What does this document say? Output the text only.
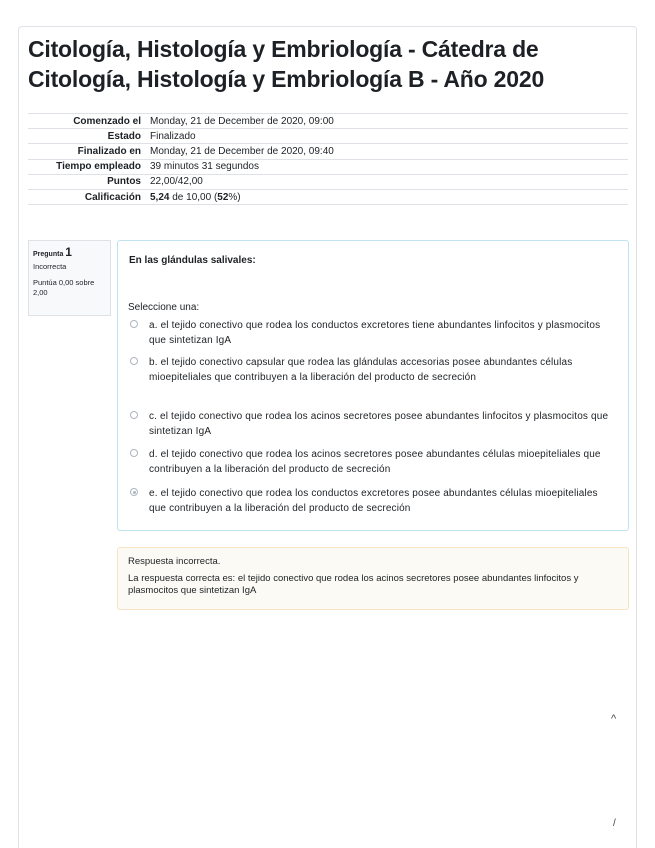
Citología, Histología y Embriología - Cátedra de Citología, Histología y Embriología B - Año 2020
Comenzado el	Monday, 21 de December de 2020, 09:00
Estado	Finalizado
Finalizado en	Monday, 21 de December de 2020, 09:40
Tiempo empleado	39 minutos 31 segundos
Puntos	22,00/42,00
Calificación	5,24 de 10,00 (52%)
Pregunta 1
Incorrecta
Puntúa 0,00 sobre 2,00
En las glándulas salivales:
Seleccione una:
a. el tejido conectivo que rodea los conductos excretores tiene abundantes linfocitos y plasmocitos que sintetizan IgA
b. el tejido conectivo capsular que rodea las glándulas accesorias posee abundantes células mioepiteliales que contribuyen a la liberación del producto de secreción
c. el tejido conectivo que rodea los acinos secretores posee abundantes linfocitos y plasmocitos que sintetizan IgA
d. el tejido conectivo que rodea los acinos secretores posee abundantes células mioepiteliales que contribuyen a la liberación del producto de secreción
e. el tejido conectivo que rodea los conductos excretores posee abundantes células mioepiteliales que contribuyen a la liberación del producto de secreción
Respuesta incorrecta.
La respuesta correcta es: el tejido conectivo que rodea los acinos secretores posee abundantes linfocitos y plasmocitos que sintetizan IgA
^
/
